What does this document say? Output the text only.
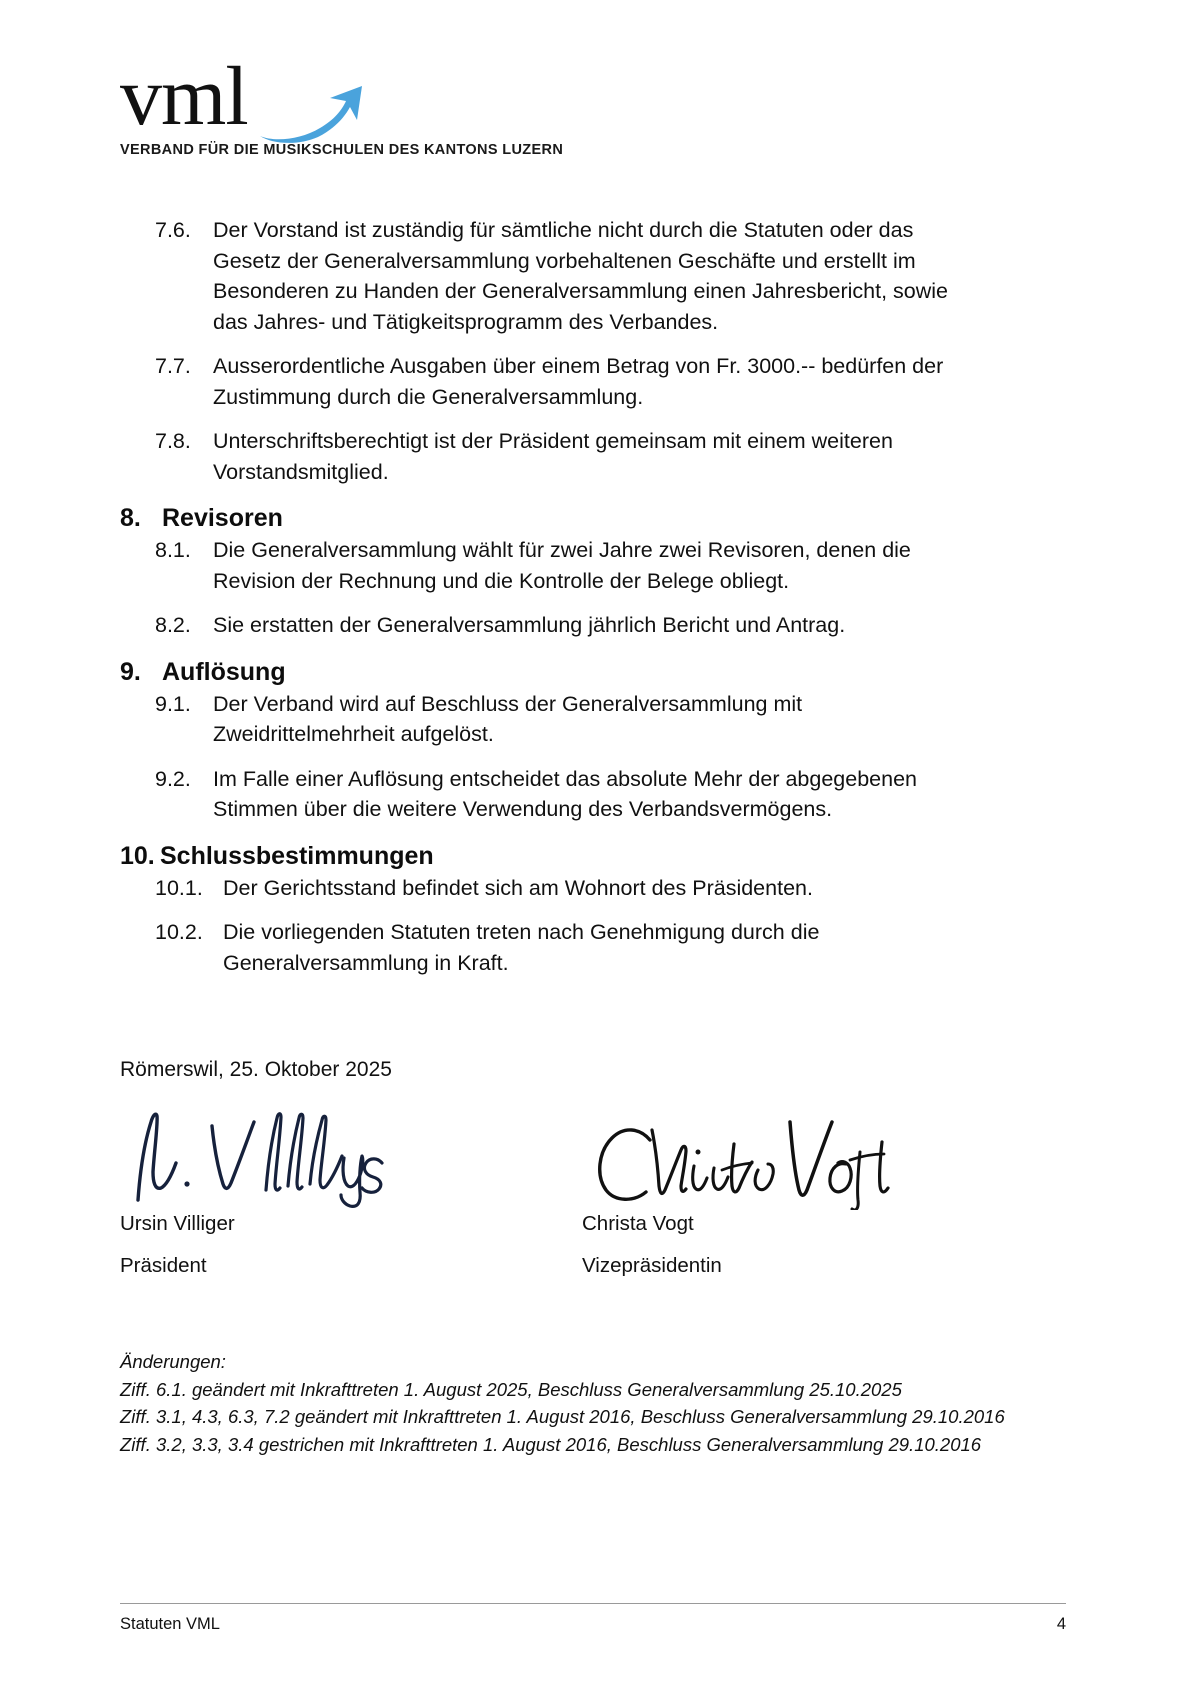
vml
VERBAND FÜR DIE MUSIKSCHULEN DES KANTONS LUZERN
7.6.	Der Vorstand ist zuständig für sämtliche nicht durch die Statuten oder das Gesetz der Generalversammlung vorbehaltenen Geschäfte und erstellt im Besonderen zu Handen der Generalversammlung einen Jahresbericht, sowie das Jahres- und Tätigkeitsprogramm des Verbandes.
7.7.	Ausserordentliche Ausgaben über einem Betrag von Fr. 3000.-- bedürfen der Zustimmung durch die Generalversammlung.
7.8.	Unterschriftsberechtigt ist der Präsident gemeinsam mit einem weiteren Vorstandsmitglied.
8. Revisoren
8.1.	Die Generalversammlung wählt für zwei Jahre zwei Revisoren, denen die Revision der Rechnung und die Kontrolle der Belege obliegt.
8.2.	Sie erstatten der Generalversammlung jährlich Bericht und Antrag.
9. Auflösung
9.1.	Der Verband wird auf Beschluss der Generalversammlung mit Zweidrittelmehrheit aufgelöst.
9.2.	Im Falle einer Auflösung entscheidet das absolute Mehr der abgegebenen Stimmen über die weitere Verwendung des Verbandsvermögens.
10. Schlussbestimmungen
10.1. Der Gerichtsstand befindet sich am Wohnort des Präsidenten.
10.2. Die vorliegenden Statuten treten nach Genehmigung durch die Generalversammlung in Kraft.
Römerswil, 25. Oktober 2025
Ursin Villiger
Präsident
Christa Vogt
Vizepräsidentin
Änderungen:
Ziff. 6.1. geändert mit Inkrafttreten 1. August 2025, Beschluss Generalversammlung 25.10.2025
Ziff. 3.1, 4.3, 6.3, 7.2 geändert mit Inkrafttreten 1. August 2016, Beschluss Generalversammlung 29.10.2016
Ziff. 3.2, 3.3, 3.4 gestrichen mit Inkrafttreten 1. August 2016, Beschluss Generalversammlung 29.10.2016
Statuten VML	4
